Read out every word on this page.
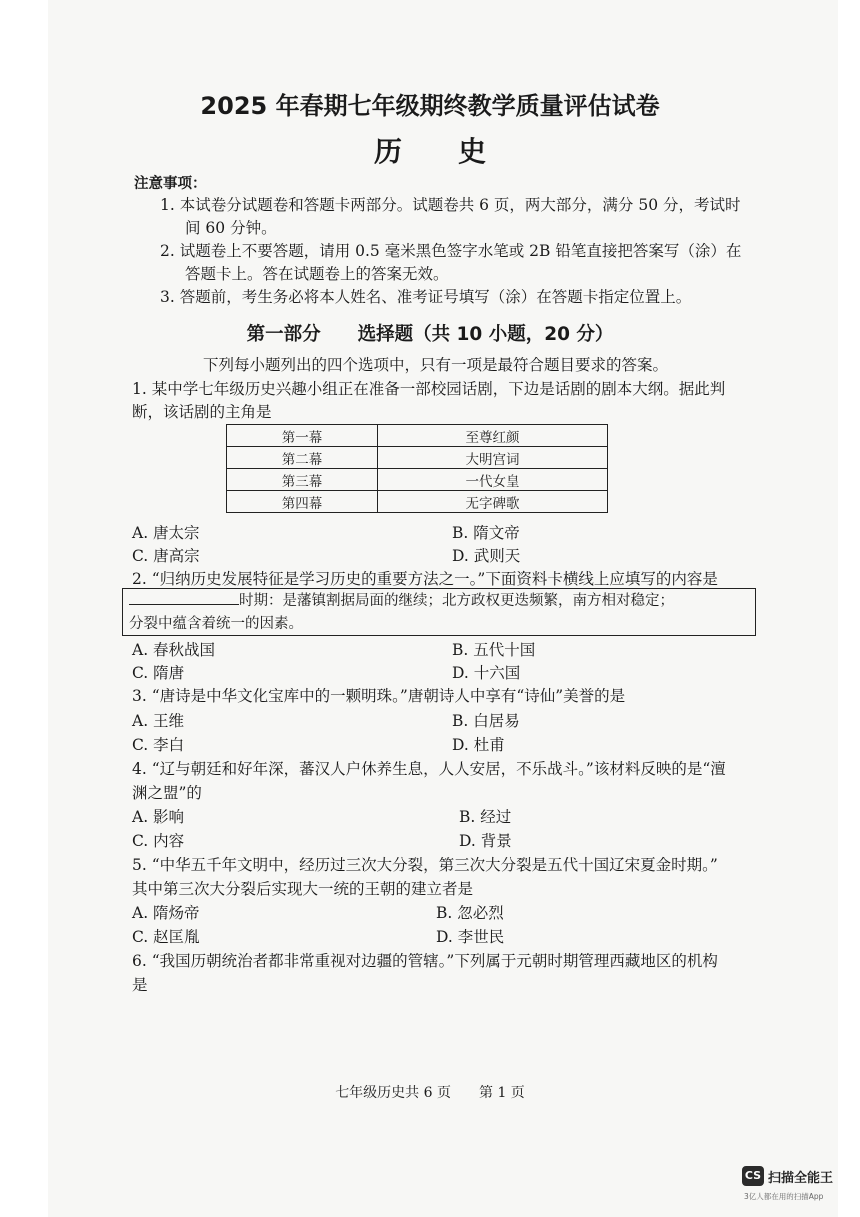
2025 年春期七年级期终教学质量评估试卷
历　　史
注意事项：
1. 本试卷分试题卷和答题卡两部分。试题卷共 6 页，两大部分，满分 50 分，考试时
间 60 分钟。
2. 试题卷上不要答题，请用 0.5 毫米黑色签字水笔或 2B 铅笔直接把答案写（涂）在
答题卡上。答在试题卷上的答案无效。
3. 答题前，考生务必将本人姓名、准考证号填写（涂）在答题卡指定位置上。
第一部分　　选择题（共 10 小题，20 分）
下列每小题列出的四个选项中，只有一项是最符合题目要求的答案。
1. 某中学七年级历史兴趣小组正在准备一部校园话剧，下边是话剧的剧本大纲。据此判
断，该话剧的主角是
第一幕	至尊红颜
第二幕	大明宫词
第三幕	一代女皇
第四幕	无字碑歌
A. 唐太宗	B. 隋文帝
C. 唐高宗	D. 武则天
2. “归纳历史发展特征是学习历史的重要方法之一。”下面资料卡横线上应填写的内容是
时期：是藩镇割据局面的继续；北方政权更迭频繁，南方相对稳定；
分裂中蕴含着统一的因素。
A. 春秋战国	B. 五代十国
C. 隋唐	D. 十六国
3. “唐诗是中华文化宝库中的一颗明珠。”唐朝诗人中享有“诗仙”美誉的是
A. 王维	B. 白居易
C. 李白	D. 杜甫
4. “辽与朝廷和好年深，蕃汉人户休养生息，人人安居，不乐战斗。”该材料反映的是“澶
渊之盟”的
A. 影响	B. 经过
C. 内容	D. 背景
5. “中华五千年文明中，经历过三次大分裂，第三次大分裂是五代十国辽宋夏金时期。”
其中第三次大分裂后实现大一统的王朝的建立者是
A. 隋炀帝	B. 忽必烈
C. 赵匡胤	D. 李世民
6. “我国历朝统治者都非常重视对边疆的管辖。”下列属于元朝时期管理西藏地区的机构
是
七年级历史共 6 页　　第 1 页
CS 扫描全能王
3亿人都在用的扫描App
